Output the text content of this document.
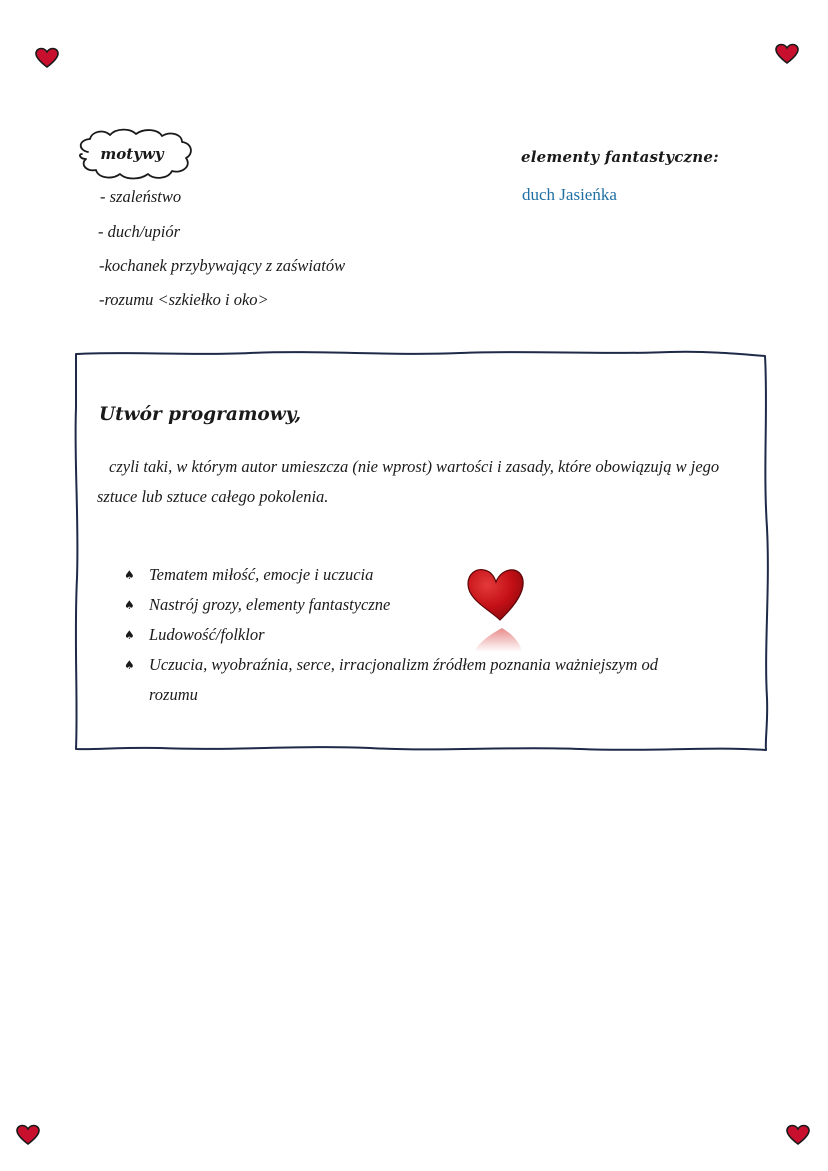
motywy
- szaleństwo
- duch/upiór
-kochanek przybywający z zaświatów
-rozumu <szkiełko i oko>
elementy fantastyczne:
duch Jasieńka
Utwór programowy,
czyli taki, w którym autor umieszcza (nie wprost) wartości i zasady, które obowiązują w jego sztuce lub sztuce całego pokolenia.
♠ Tematem miłość, emocje i uczucia
♠ Nastrój grozy, elementy fantastyczne
♠ Ludowość/folklor
♠ Uczucia, wyobraźnia, serce, irracjonalizm źródłem poznania ważniejszym od rozumu
